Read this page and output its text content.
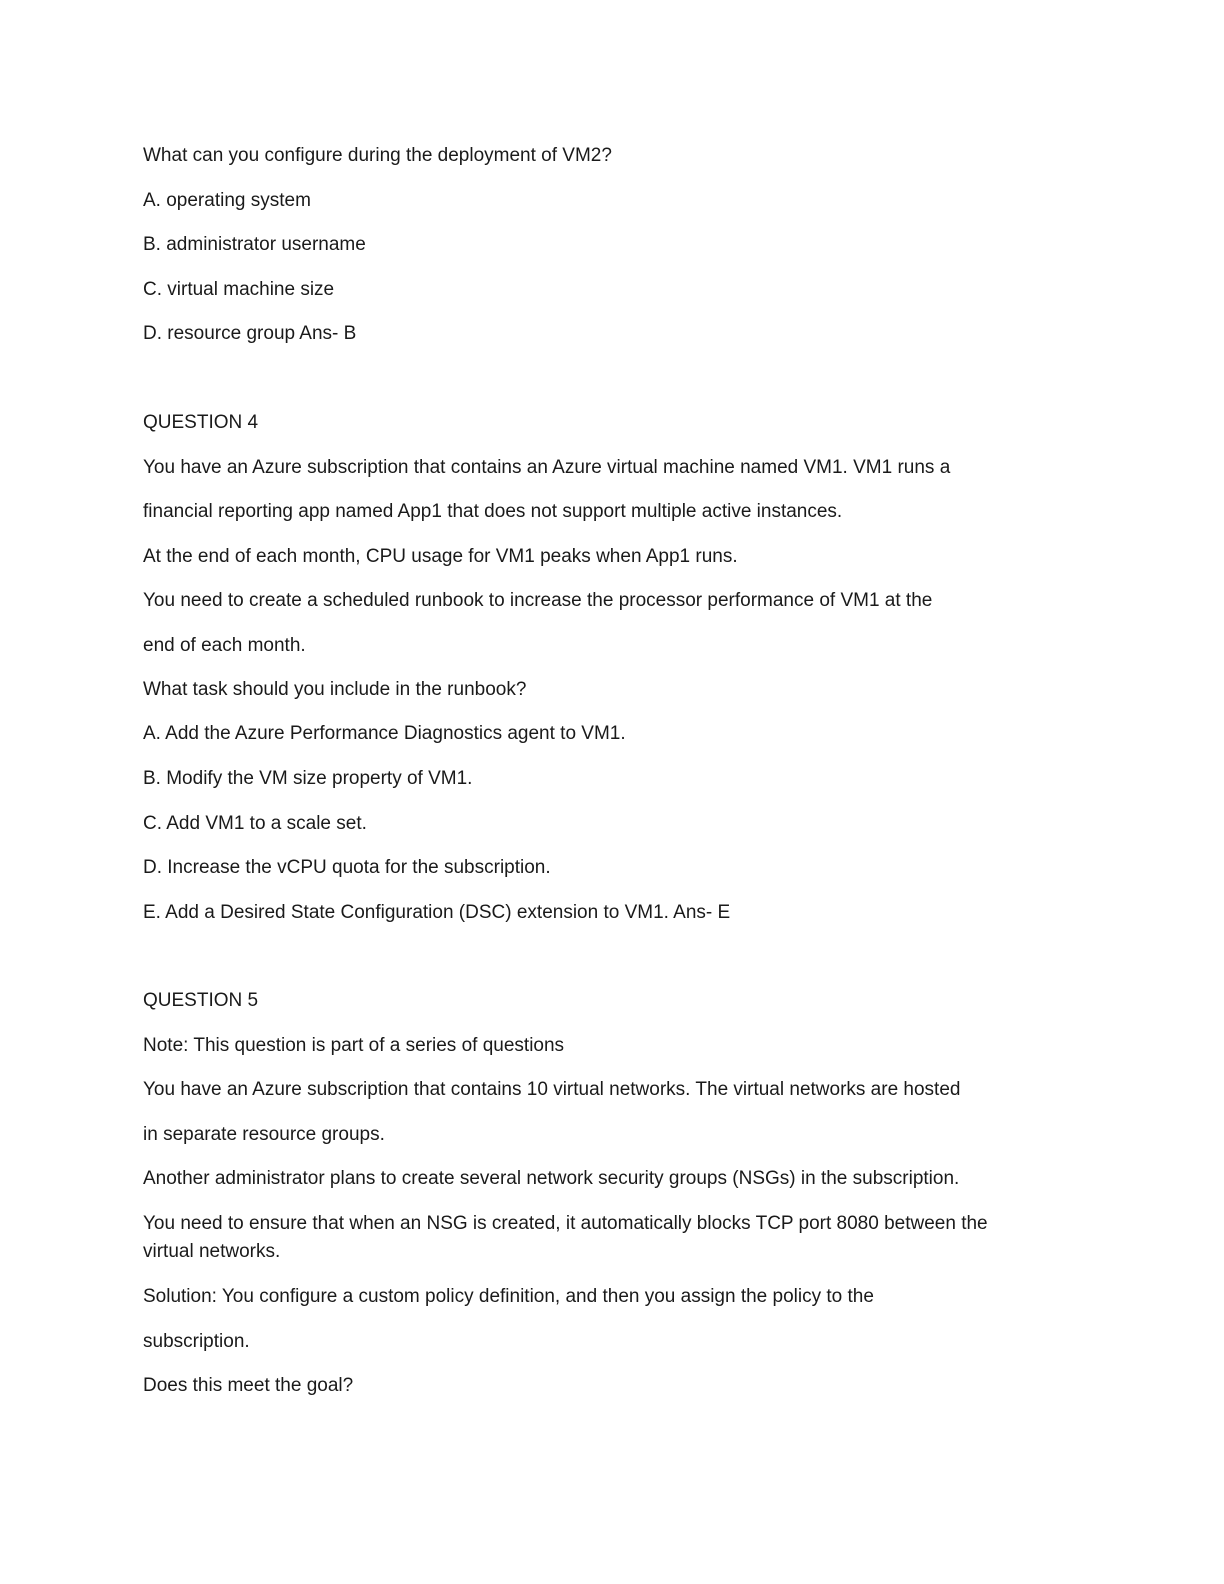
What can you configure during the deployment of VM2?
A. operating system
B. administrator username
C. virtual machine size
D. resource group Ans- B
QUESTION 4
You have an Azure subscription that contains an Azure virtual machine named VM1. VM1 runs a
financial reporting app named App1 that does not support multiple active instances.
At the end of each month, CPU usage for VM1 peaks when App1 runs.
You need to create a scheduled runbook to increase the processor performance of VM1 at the
end of each month.
What task should you include in the runbook?
A. Add the Azure Performance Diagnostics agent to VM1.
B. Modify the VM size property of VM1.
C. Add VM1 to a scale set.
D. Increase the vCPU quota for the subscription.
E. Add a Desired State Configuration (DSC) extension to VM1. Ans- E
QUESTION 5
Note: This question is part of a series of questions
You have an Azure subscription that contains 10 virtual networks. The virtual networks are hosted
in separate resource groups.
Another administrator plans to create several network security groups (NSGs) in the subscription.
You need to ensure that when an NSG is created, it automatically blocks TCP port 8080 between the
virtual networks.
Solution: You configure a custom policy definition, and then you assign the policy to the
subscription.
Does this meet the goal?
